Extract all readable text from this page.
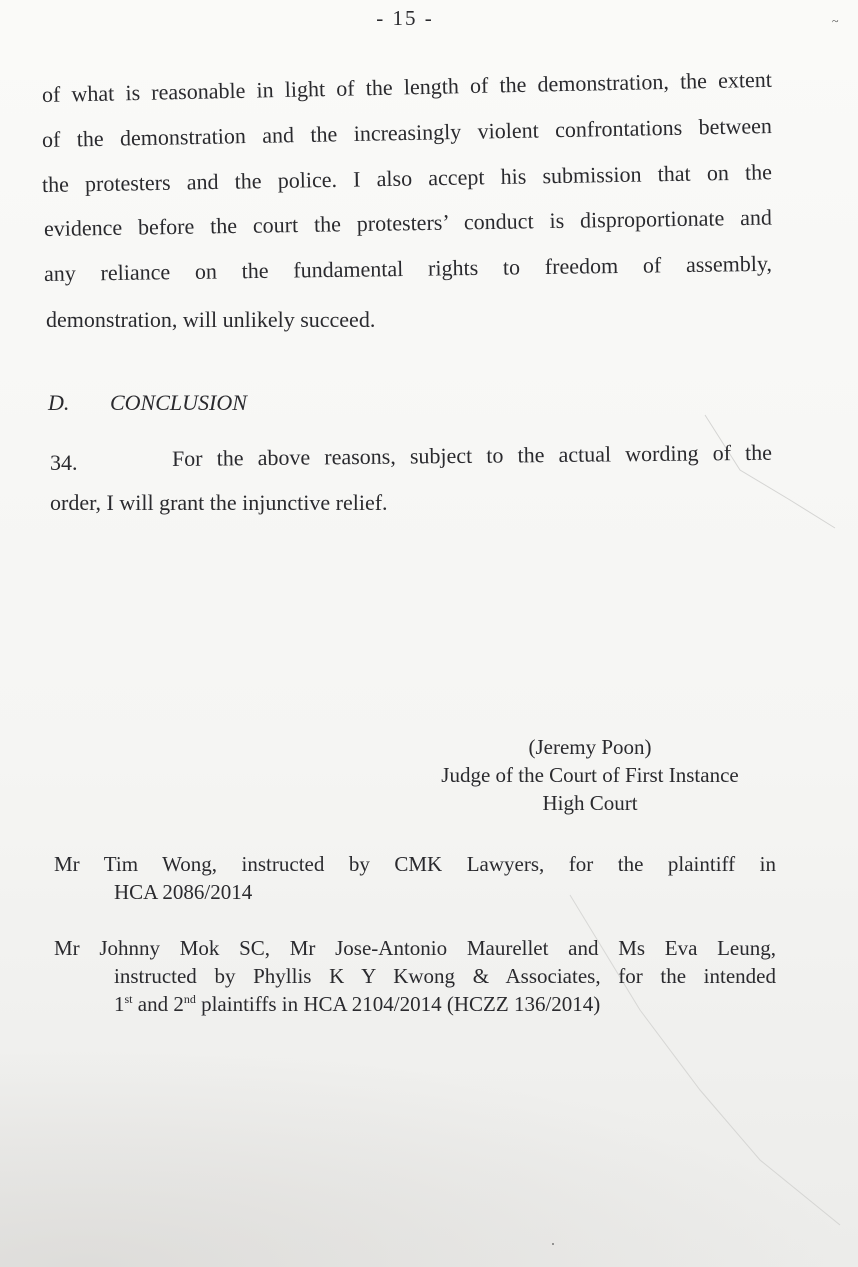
- 15 -	~
of what is reasonable in light of the length of the demonstration, the extent
of the demonstration and the increasingly violent confrontations between
the protesters and the police. I also accept his submission that on the
evidence before the court the protesters’ conduct is disproportionate and
any reliance on the fundamental rights to freedom of assembly,
demonstration, will unlikely succeed.
D. CONCLUSION
34.	For the above reasons, subject to the actual wording of the
order, I will grant the injunctive relief.
(Jeremy Poon)
Judge of the Court of First Instance
High Court
Mr Tim Wong, instructed by CMK Lawyers, for the plaintiff in
HCA 2086/2014
Mr Johnny Mok SC, Mr Jose-Antonio Maurellet and Ms Eva Leung,
instructed by Phyllis K Y Kwong & Associates, for the intended
1st and 2nd plaintiffs in HCA 2104/2014 (HCZZ 136/2014)
